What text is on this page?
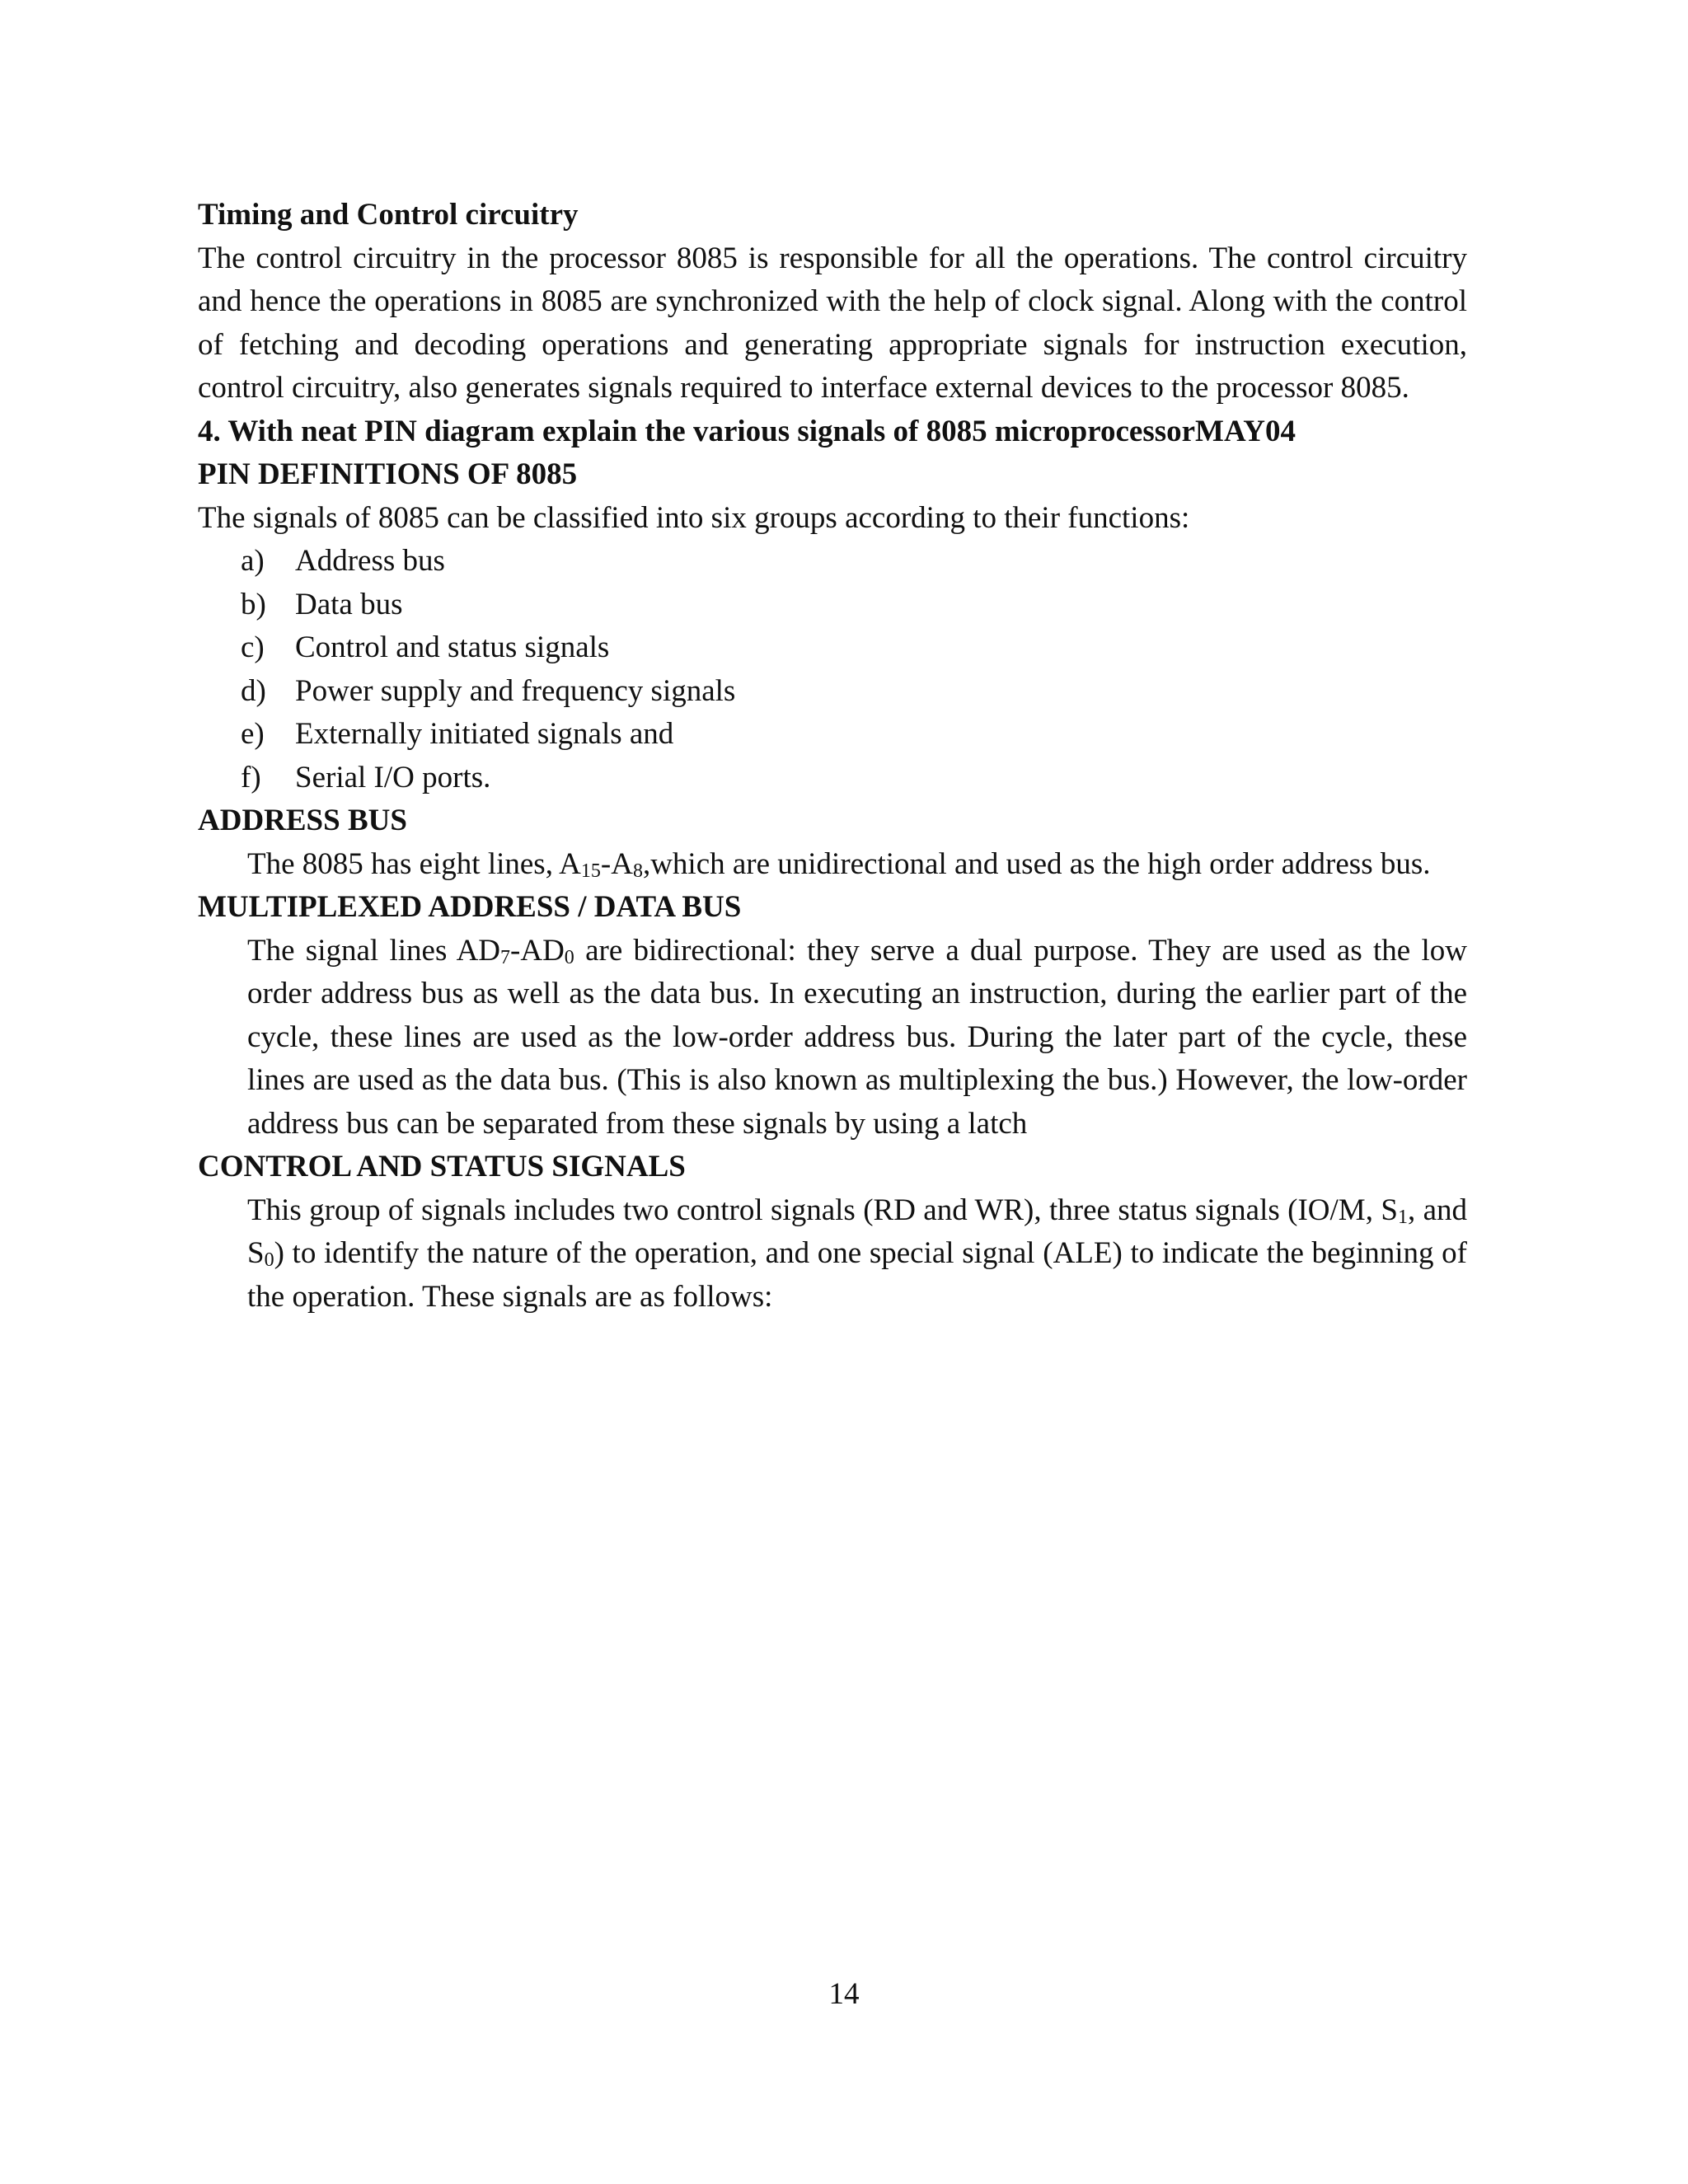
Timing and Control circuitry

The control circuitry in the processor 8085 is responsible for all the operations. The control circuitry and hence the operations in 8085 are synchronized with the help of clock signal. Along with the control of fetching and decoding operations and generating appropriate signals for instruction execution, control circuitry, also generates signals required to interface external devices to the processor 8085.

4. With neat PIN diagram explain the various signals of 8085 microprocessorMAY04

PIN DEFINITIONS OF 8085

The signals of 8085 can be classified into six groups according to their functions:

a)	Address bus
b) Data bus
c)	Control and status signals
d) Power supply and frequency signals
e)	Externally initiated signals and
f)	Serial I/O ports.

ADDRESS BUS

The 8085 has eight lines, $A_{15}-A_8,which$ are unidirectional and used as the high order address bus.

MULTIPLEXED ADDRESS / DATA BUS

The signal lines $AD_7-AD_0$ are bidirectional: they serve a dual purpose. They are used as the low order address bus as well as the data bus. In executing an instruction, during the earlier part of the cycle, these lines are used as the low-order address bus. During the later part of the cycle, these lines are used as the data bus. (This is also known as multiplexing the bus.) However, the low-order address bus can be separated from these signals by using a latch

CONTROL AND STATUS SIGNALS

This group of signals includes two control signals (RD and WR), three status signals (IO/M, $S_1$, and $S_0$) to identify the nature of the operation, and one special signal (ALE) to indicate the beginning of the operation. These signals are as follows:

14
